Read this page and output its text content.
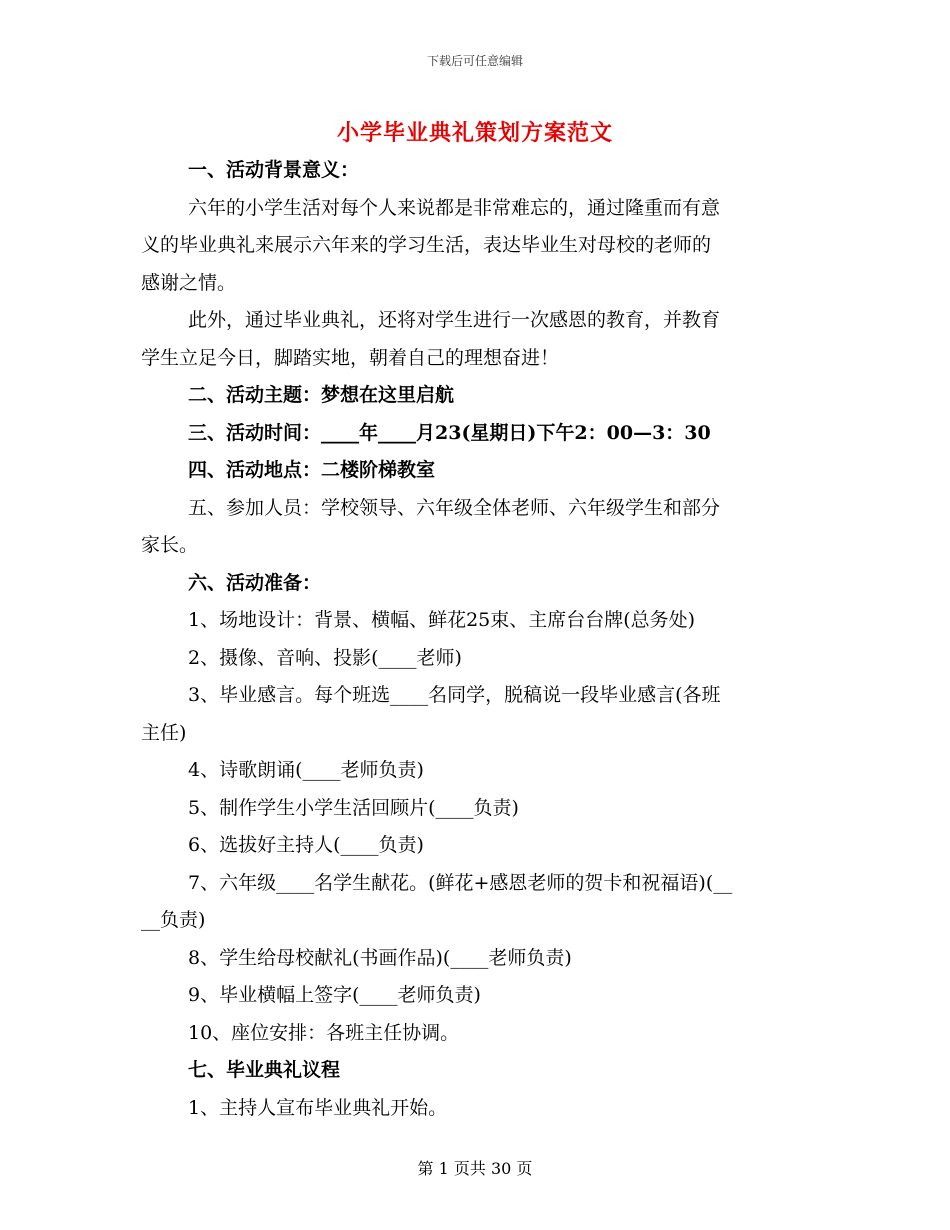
下载后可任意编辑
小学毕业典礼策划方案范文
一、活动背景意义：
六年的小学生活对每个人来说都是非常难忘的，通过隆重而有意
义的毕业典礼来展示六年来的学习生活，表达毕业生对母校的老师的
感谢之情。
此外，通过毕业典礼，还将对学生进行一次感恩的教育，并教育
学生立足今日，脚踏实地，朝着自己的理想奋进！
二、活动主题：梦想在这里启航
三、活动时间：____年____月23(星期日)下午2：00—3：30
四、活动地点：二楼阶梯教室
五、参加人员：学校领导、六年级全体老师、六年级学生和部分
家长。
六、活动准备：
1、场地设计：背景、横幅、鲜花25束、主席台台牌(总务处)
2、摄像、音响、投影(____老师)
3、毕业感言。每个班选____名同学，脱稿说一段毕业感言(各班
主任)
4、诗歌朗诵(____老师负责)
5、制作学生小学生活回顾片(____负责)
6、选拔好主持人(____负责)
7、六年级____名学生献花。(鲜花+感恩老师的贺卡和祝福语)(__
__负责)
8、学生给母校献礼(书画作品)(____老师负责)
9、毕业横幅上签字(____老师负责)
10、座位安排：各班主任协调。
七、毕业典礼议程
1、主持人宣布毕业典礼开始。
第 1 页共 30 页
